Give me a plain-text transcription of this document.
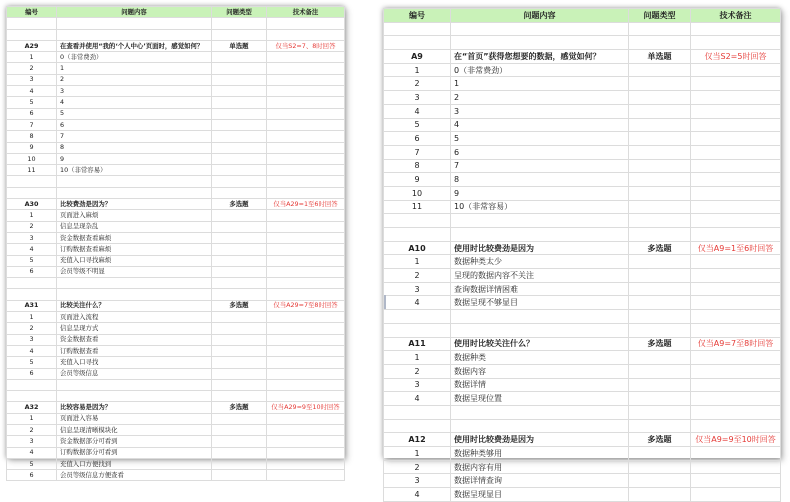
编号	问题内容	问题类型	技术备注

A29	在查看并使用“我的‘个人中心’页面时，感觉如何？	单选题	仅当S2=7、8时回答
1	0（非常费劲）		
2	1		
3	2		
4	3		
5	4		
6	5		
7	6		
8	7		
9	8		
10	9		
11	10（非常容易）		

A30	比较费劲是因为？	多选题	仅当A29=1至6时回答
1	页面进入麻烦		
2	信息呈现杂乱		
3	资金数据查看麻烦		
4	订购数据查看麻烦		
5	充值入口寻找麻烦		
6	会员等级不明显		

A31	比较关注什么？	多选题	仅当A29=7至8时回答
1	页面进入流程		
2	信息呈现方式		
3	资金数据查看		
4	订购数据查看		
5	充值入口寻找		
6	会员等级信息		

A32	比较容易是因为？	多选题	仅当A29=9至10时回答
1	页面进入容易		
2	信息呈现清晰模块化		
3	资金数据部分可看到		
4	订购数据部分可看到		
5	充值入口方便找到		
6	会员等级信息方便查看		
编号	问题内容	问题类型	技术备注

A9	在“首页”获得您想要的数据，感觉如何？	单选题	仅当S2=5时回答
1	0（非常费劲）		
2	1		
3	2		
4	3		
5	4		
6	5		
7	6		
8	7		
9	8		
10	9		
11	10（非常容易）		

A10	使用时比较费劲是因为	多选题	仅当A9=1至6时回答
1	数据种类太少		
2	呈现的数据内容不关注		
3	查询数据详情困难		
4	数据呈现不够显目		

A11	使用时比较关注什么？	多选题	仅当A9=7至8时回答
1	数据种类		
2	数据内容		
3	数据详情		
4	数据呈现位置		

A12	使用时比较费劲是因为	多选题	仅当A9=9至10时回答
1	数据种类够用		
2	数据内容有用		
3	数据详情查询		
4	数据呈现显目		
